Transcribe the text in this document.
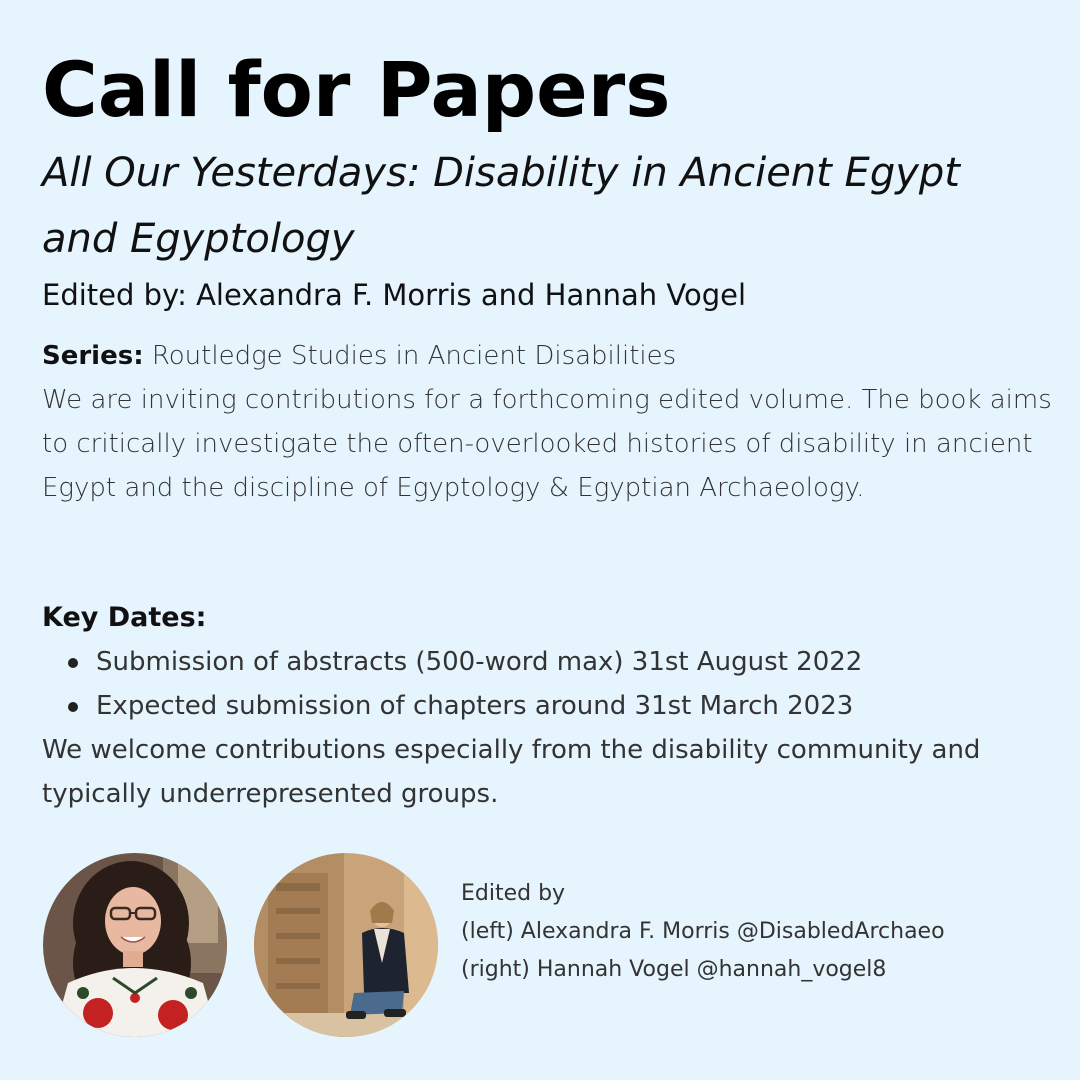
Call for Papers
All Our Yesterdays: Disability in Ancient Egypt and Egyptology
Edited by: Alexandra F. Morris and Hannah Vogel
Series: Routledge Studies in Ancient Disabilities
We are inviting contributions for a forthcoming edited volume. The book aims to critically investigate the often-overlooked histories of disability in ancient Egypt and the discipline of Egyptology & Egyptian Archaeology.
Key Dates:
Submission of abstracts (500-word max) 31st August 2022
Expected submission of chapters around 31st March 2023
We welcome contributions especially from the disability community and typically underrepresented groups.
Edited by
(left) Alexandra F. Morris @DisabledArchaeo
(right) Hannah Vogel @hannah_vogel8
